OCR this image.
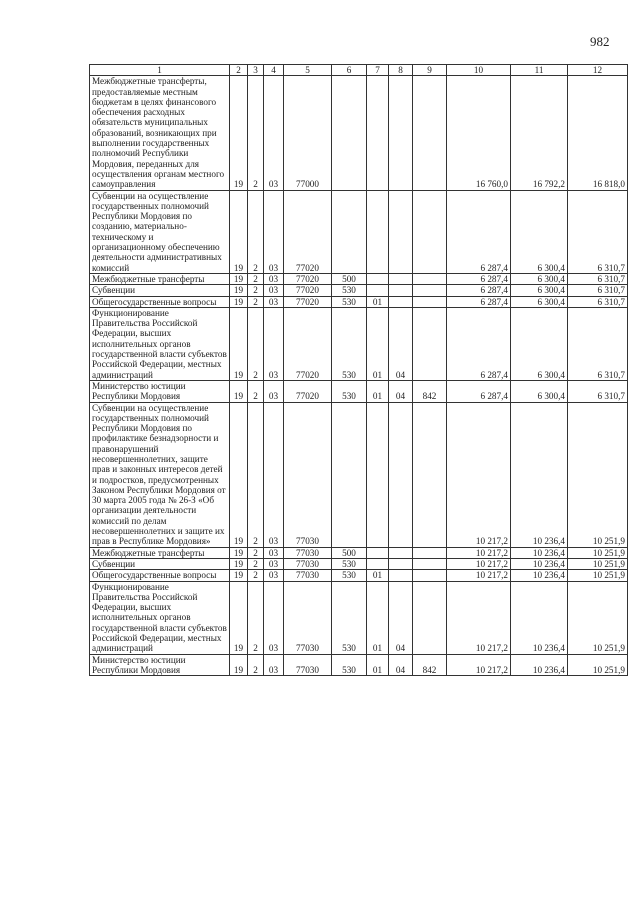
982
1	2	3	4	5	6	7	8	9	10	11	12
Межбюджетные трансферты, предоставляемые местным бюджетам в целях финансового обеспечения расходных обязательств муниципальных образований, возникающих при выполнении государственных полномочий Республики Мордовия, переданных для осуществления органам местного самоуправления	19	2	03	77000					16 760,0	16 792,2	16 818,0
Субвенции на осуществление государственных полномочий Республики Мордовия по созданию, материально-техническому и организационному обеспечению деятельности административных комиссий	19	2	03	77020					6 287,4	6 300,4	6 310,7
Межбюджетные трансферты	19	2	03	77020	500				6 287,4	6 300,4	6 310,7
Субвенции	19	2	03	77020	530				6 287,4	6 300,4	6 310,7
Общегосударственные вопросы	19	2	03	77020	530	01			6 287,4	6 300,4	6 310,7
Функционирование Правительства Российской Федерации, высших исполнительных органов государственной власти субъектов Российской Федерации, местных администраций	19	2	03	77020	530	01	04		6 287,4	6 300,4	6 310,7
Министерство юстиции Республики Мордовия	19	2	03	77020	530	01	04	842	6 287,4	6 300,4	6 310,7
Субвенции на осуществление государственных полномочий Республики Мордовия по профилактике безнадзорности и правонарушений несовершеннолетних, защите прав и законных интересов детей и подростков, предусмотренных Законом Республики Мордовия от 30 марта 2005 года № 26-З «Об организации деятельности комиссий по делам несовершеннолетних и защите их прав в Республике Мордовия»	19	2	03	77030					10 217,2	10 236,4	10 251,9
Межбюджетные трансферты	19	2	03	77030	500				10 217,2	10 236,4	10 251,9
Субвенции	19	2	03	77030	530				10 217,2	10 236,4	10 251,9
Общегосударственные вопросы	19	2	03	77030	530	01			10 217,2	10 236,4	10 251,9
Функционирование Правительства Российской Федерации, высших исполнительных органов государственной власти субъектов Российской Федерации, местных администраций	19	2	03	77030	530	01	04		10 217,2	10 236,4	10 251,9
Министерство юстиции Республики Мордовия	19	2	03	77030	530	01	04	842	10 217,2	10 236,4	10 251,9
